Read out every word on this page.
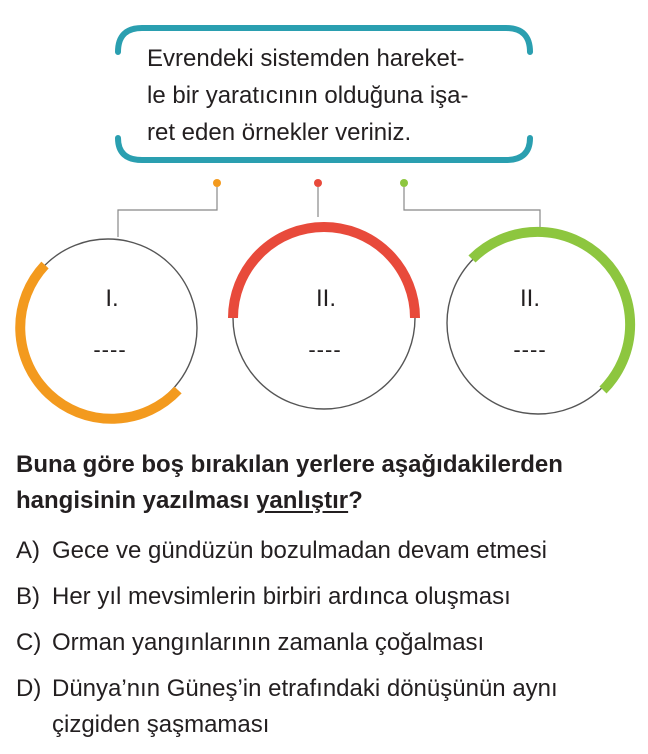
Evrendeki sistemden hareket-
le bir yaratıcının olduğuna işa-
ret eden örnekler veriniz.
I.
----
II.
----
II.
----
Buna göre boş bırakılan yerlere aşağıdakilerden
hangisinin yazılması yanlıştır?
A) Gece ve gündüzün bozulmadan devam etmesi
B) Her yıl mevsimlerin birbiri ardınca oluşması
C) Orman yangınlarının zamanla çoğalması
D) Dünya’nın Güneş’in etrafındaki dönüşünün aynı
çizgiden şaşmaması
